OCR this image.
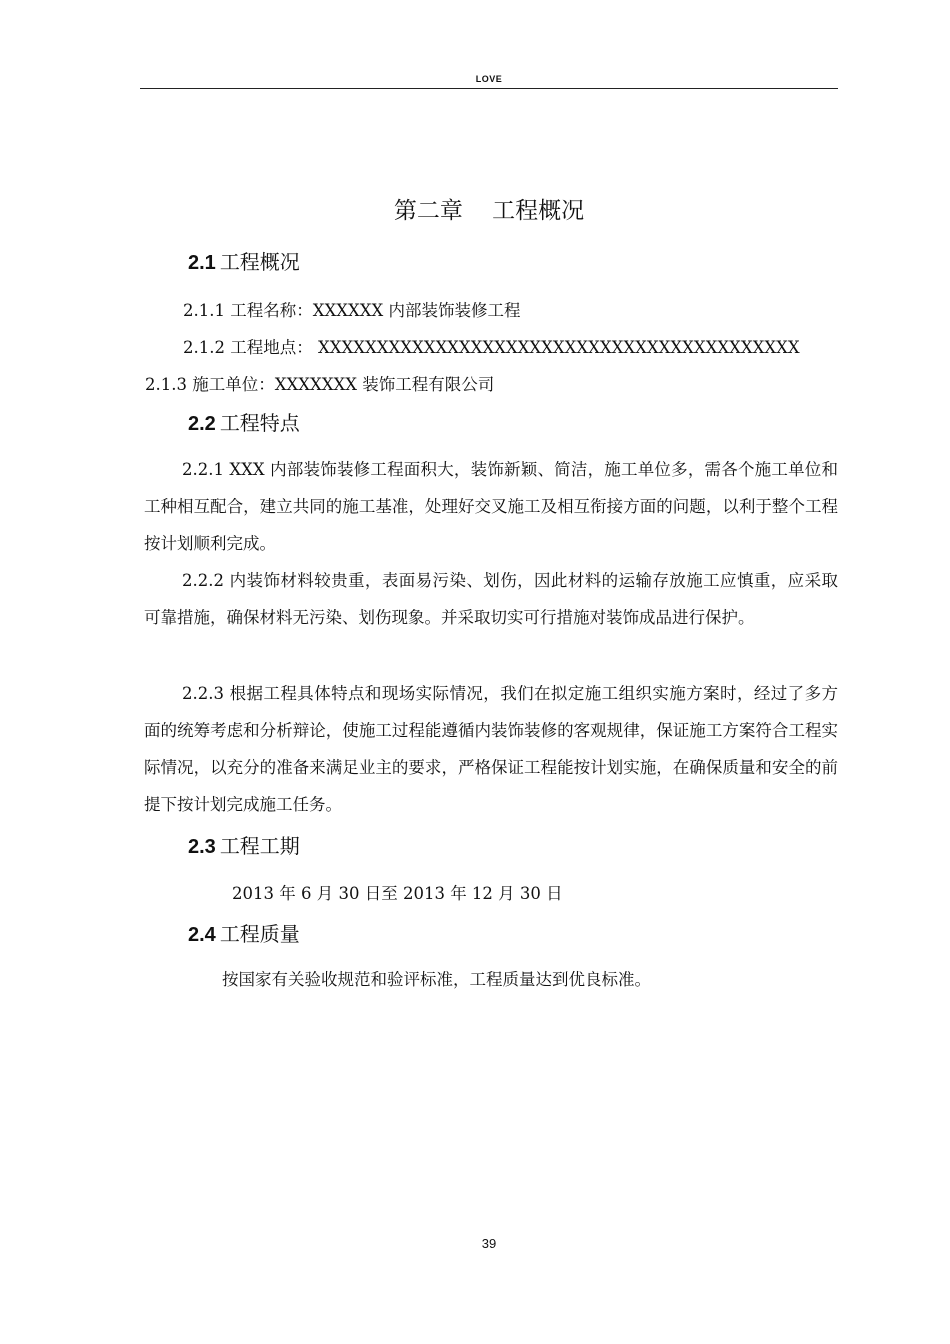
LOVE
第二章    工程概况
2.1 工程概况
2.1.1 工程名称：XXXXXX 内部装饰装修工程
2.1.2 工程地点： XXXXXXXXXXXXXXXXXXXXXXXXXXXXXXXXXXXXXXXXX
2.1.3 施工单位：XXXXXXX 装饰工程有限公司
2.2 工程特点
2.2.1 XXX 内部装饰装修工程面积大，装饰新颖、简洁，施工单位多，需各个施工单位和工种相互配合，建立共同的施工基准，处理好交叉施工及相互衔接方面的问题，以利于整个工程按计划顺利完成。
2.2.2 内装饰材料较贵重，表面易污染、划伤，因此材料的运输存放施工应慎重，应采取可靠措施，确保材料无污染、划伤现象。并采取切实可行措施对装饰成品进行保护。
2.2.3 根据工程具体特点和现场实际情况，我们在拟定施工组织实施方案时，经过了多方面的统筹考虑和分析辩论，使施工过程能遵循内装饰装修的客观规律，保证施工方案符合工程实际情况，以充分的准备来满足业主的要求，严格保证工程能按计划实施，在确保质量和安全的前提下按计划完成施工任务。
2.3 工程工期
2013 年 6 月 30 日至 2013 年 12 月 30 日
2.4 工程质量
按国家有关验收规范和验评标准，工程质量达到优良标准。
39
